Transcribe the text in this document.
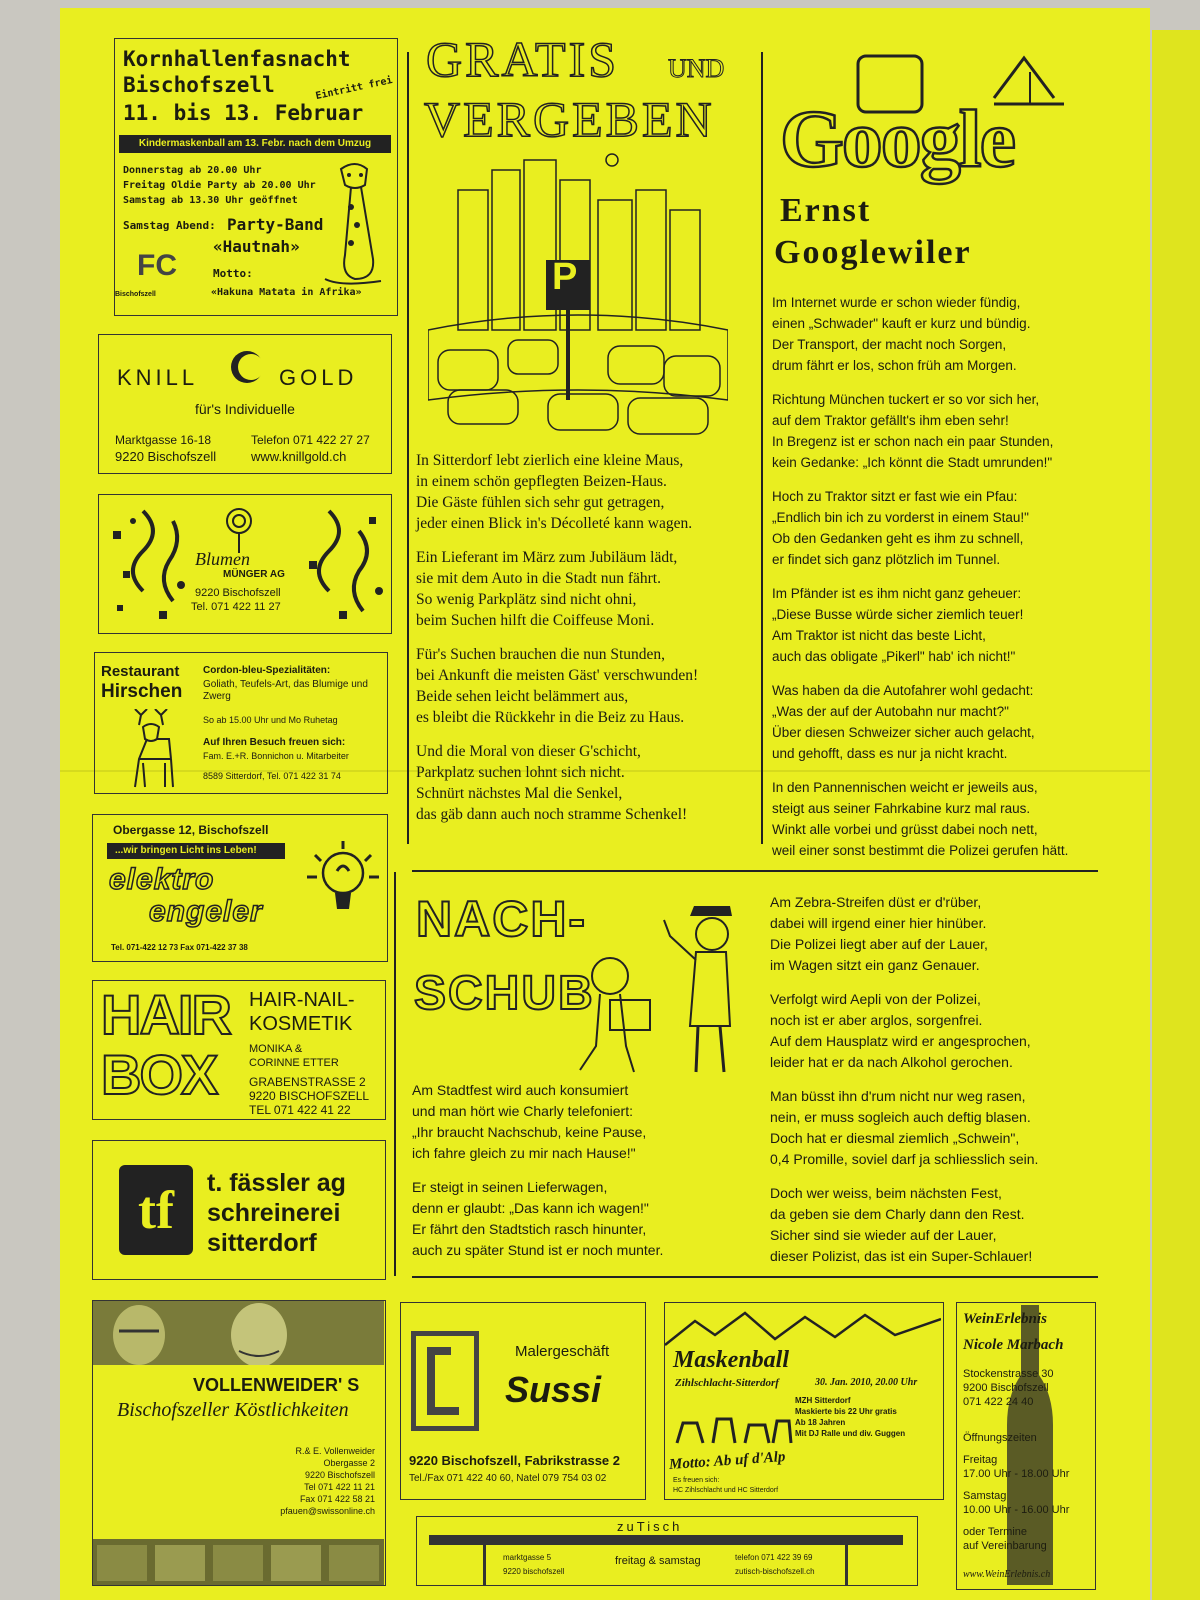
Kornhallenfasnacht
Bischofszell
11. bis 13. Februar
Eintritt frei
Kindermaskenball am 13. Febr. nach dem Umzug
Donnerstag ab 20.00 Uhr
Freitag Oldie Party ab 20.00 Uhr
Samstag ab 13.30 Uhr geöffnet
Samstag Abend: Party-Band
«Hautnah»
FC
Bischofszell
Motto:
«Hakuna Matata in Afrika»
KNILL	GOLD
für's Individuelle
Marktgasse 16-18
9220 Bischofszell
Telefon 071 422 27 27
www.knillgold.ch
Blumen
MÜNGER AG
9220 Bischofszell
Tel. 071 422 11 27
Restaurant
Hirschen
Cordon-bleu-Spezialitäten:
Goliath, Teufels-Art, das Blumige und Zwerg
So ab 15.00 Uhr und Mo Ruhetag
Auf Ihren Besuch freuen sich:
Fam. E.+R. Bonnichon u. Mitarbeiter
8589 Sitterdorf, Tel. 071 422 31 74
Obergasse 12, Bischofszell
...wir bringen Licht ins Leben!
elektro
engeler
Tel. 071-422 12 73 Fax 071-422 37 38
HAIR
BOX
HAIR-NAIL-
KOSMETIK
MONIKA &
CORINNE ETTER
GRABENSTRASSE 2
9220 BISCHOFSZELL
TEL 071 422 41 22
tf	t. fässler ag
schreinerei
sitterdorf
VOLLENWEIDER' S
Bischofszeller Köstlichkeiten
R.& E. Vollenweider
Obergasse 2
9220 Bischofszell
Tel 071 422 11 21
Fax 071 422 58 21
pfauen@swissonline.ch
GRATIS UND
VERGEBEN
P

In Sitterdorf lebt zierlich eine kleine Maus,
in einem schön gepflegten Beizen-Haus.
Die Gäste fühlen sich sehr gut getragen,
jeder einen Blick in's Décolleté kann wagen.

Ein Lieferant im März zum Jubiläum lädt,
sie mit dem Auto in die Stadt nun fährt.
So wenig Parkplätz sind nicht ohni,
beim Suchen hilft die Coiffeuse Moni.

Für's Suchen brauchen die nun Stunden,
bei Ankunft die meisten Gäst' verschwunden!
Beide sehen leicht belämmert aus,
es bleibt die Rückkehr in die Beiz zu Haus.

Und die Moral von dieser G'schicht,
Parkplatz suchen lohnt sich nicht.
Schnürt nächstes Mal die Senkel,
das gäb dann auch noch stramme Schenkel!

Google
Ernst
Googlewiler

Im Internet wurde er schon wieder fündig,
einen „Schwader" kauft er kurz und bündig.
Der Transport, der macht noch Sorgen,
drum fährt er los, schon früh am Morgen.

Richtung München tuckert er so vor sich her,
auf dem Traktor gefällt's ihm eben sehr!
In Bregenz ist er schon nach ein paar Stunden,
kein Gedanke: „Ich könnt die Stadt umrunden!"

Hoch zu Traktor sitzt er fast wie ein Pfau:
„Endlich bin ich zu vorderst in einem Stau!"
Ob den Gedanken geht es ihm zu schnell,
er findet sich ganz plötzlich im Tunnel.

Im Pfänder ist es ihm nicht ganz geheuer:
„Diese Busse würde sicher ziemlich teuer!
Am Traktor ist nicht das beste Licht,
auch das obligate „Pikerl" hab' ich nicht!"

Was haben da die Autofahrer wohl gedacht:
„Was der auf der Autobahn nur macht?"
Über diesen Schweizer sicher auch gelacht,
und gehofft, dass es nur ja nicht kracht.

In den Pannennischen weicht er jeweils aus,
steigt aus seiner Fahrkabine kurz mal raus.
Winkt alle vorbei und grüsst dabei noch nett,
weil einer sonst bestimmt die Polizei gerufen hätt.

NACH-
SCHUB

Am Stadtfest wird auch konsumiert
und man hört wie Charly telefoniert:
„Ihr braucht Nachschub, keine Pause,
ich fahre gleich zu mir nach Hause!"

Er steigt in seinen Lieferwagen,
denn er glaubt: „Das kann ich wagen!"
Er fährt den Stadtstich rasch hinunter,
auch zu später Stund ist er noch munter.

Am Zebra-Streifen düst er d'rüber,
dabei will irgend einer hier hinüber.
Die Polizei liegt aber auf der Lauer,
im Wagen sitzt ein ganz Genauer.

Verfolgt wird Aepli von der Polizei,
noch ist er aber arglos, sorgenfrei.
Auf dem Hausplatz wird er angesprochen,
leider hat er da nach Alkohol gerochen.

Man büsst ihn d'rum nicht nur weg rasen,
nein, er muss sogleich auch deftig blasen.
Doch hat er diesmal ziemlich „Schwein",
0,4 Promille, soviel darf ja schliesslich sein.

Doch wer weiss, beim nächsten Fest,
da geben sie dem Charly dann den Rest.
Sicher sind sie wieder auf der Lauer,
dieser Polizist, das ist ein Super-Schlauer!

Malergeschäft
Sussi
9220 Bischofszell, Fabrikstrasse 2
Tel./Fax 071 422 40 60, Natel 079 754 03 02
Maskenball
Zihlschlacht-Sitterdorf	30. Jan. 2010, 20.00 Uhr
MZH Sitterdorf
Maskierte bis 22 Uhr gratis
Ab 18 Jahren
Mit DJ Ralle und div. Guggen
Motto: Ab uf d'Alp
Es freuen sich:
HC Zihlschlacht und HC Sitterdorf
WeinErlebnis
Nicole Marbach
Stockenstrasse 30
9200 Bischofszell
071 422 24 40
Öffnungszeiten
Freitag
17.00 Uhr - 18.00 Uhr
Samstag
10.00 Uhr - 16.00 Uhr
oder Termine
auf Vereinbarung
www.WeinErlebnis.ch
zuTisch
marktgasse 5
9220 bischofszell
freitag & samstag	telefon 071 422 39 69
zutisch-bischofszell.ch
